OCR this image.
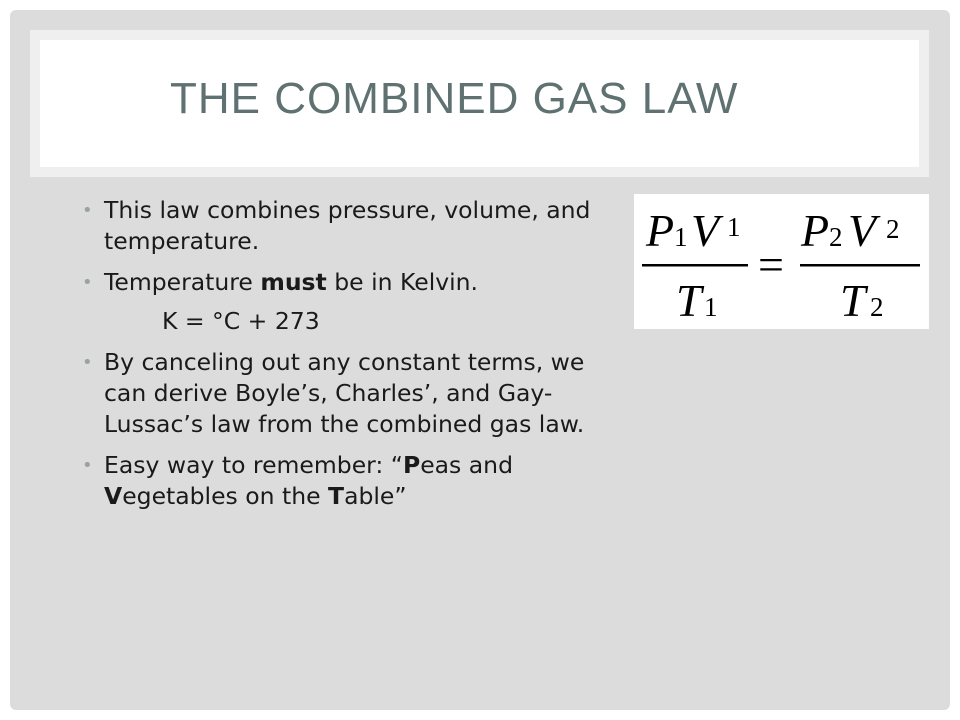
THE COMBINED GAS LAW
• This law combines pressure, volume, and temperature.
• Temperature must be in Kelvin.
K = °C + 273
• By canceling out any constant terms, we can derive Boyle’s, Charles’, and Gay-Lussac’s law from the combined gas law.
• Easy way to remember: “Peas and Vegetables on the Table”
P 1 V 1
T 1
=
P 2 V 2
T 2
